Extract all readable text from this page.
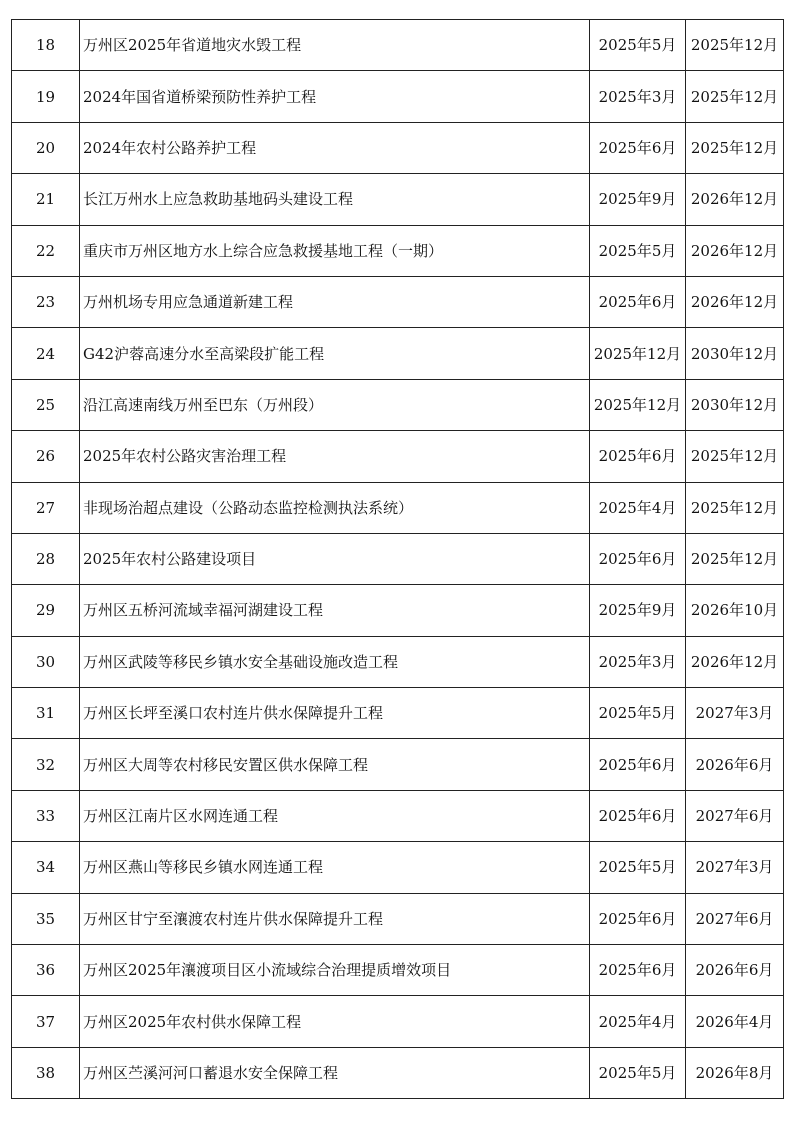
18	万州区2025年省道地灾水毁工程	2025年5月	2025年12月
19	2024年国省道桥梁预防性养护工程	2025年3月	2025年12月
20	2024年农村公路养护工程	2025年6月	2025年12月
21	长江万州水上应急救助基地码头建设工程	2025年9月	2026年12月
22	重庆市万州区地方水上综合应急救援基地工程（一期）	2025年5月	2026年12月
23	万州机场专用应急通道新建工程	2025年6月	2026年12月
24	G42沪蓉高速分水至高梁段扩能工程	2025年12月	2030年12月
25	沿江高速南线万州至巴东（万州段）	2025年12月	2030年12月
26	2025年农村公路灾害治理工程	2025年6月	2025年12月
27	非现场治超点建设（公路动态监控检测执法系统）	2025年4月	2025年12月
28	2025年农村公路建设项目	2025年6月	2025年12月
29	万州区五桥河流域幸福河湖建设工程	2025年9月	2026年10月
30	万州区武陵等移民乡镇水安全基础设施改造工程	2025年3月	2026年12月
31	万州区长坪至溪口农村连片供水保障提升工程	2025年5月	2027年3月
32	万州区大周等农村移民安置区供水保障工程	2025年6月	2026年6月
33	万州区江南片区水网连通工程	2025年6月	2027年6月
34	万州区燕山等移民乡镇水网连通工程	2025年5月	2027年3月
35	万州区甘宁至瀼渡农村连片供水保障提升工程	2025年6月	2027年6月
36	万州区2025年瀼渡项目区小流域综合治理提质增效项目	2025年6月	2026年6月
37	万州区2025年农村供水保障工程	2025年4月	2026年4月
38	万州区苎溪河河口蓄退水安全保障工程	2025年5月	2026年8月
